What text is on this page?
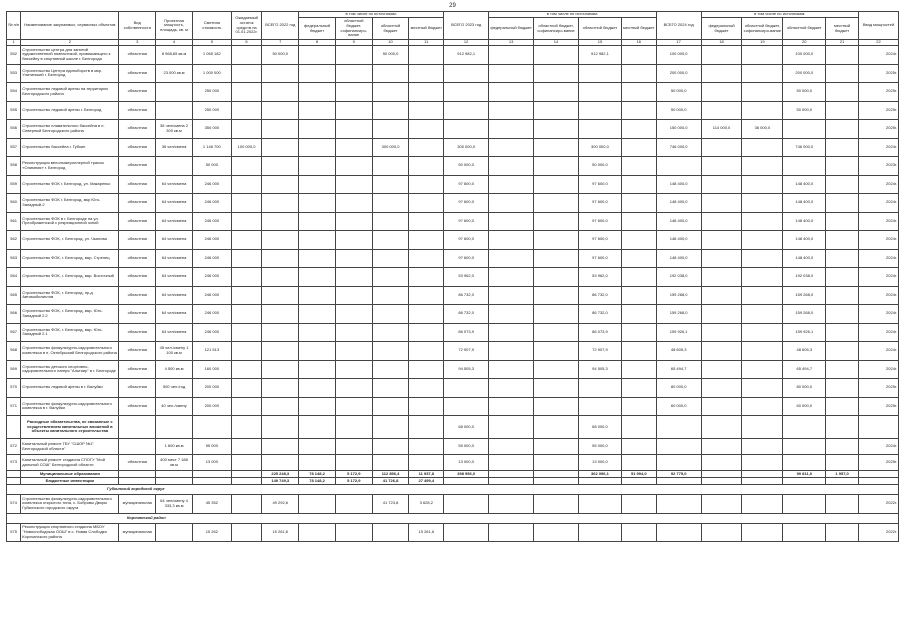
29
№ п/п	Наименование закупаемых, сервисных объектов	Вид собственности	Проектная мощность, площадь, кв. м	Сметная стоимость	Ожидаемый остаток средств на 01.01.2022г.	ВСЕГО 2022 год	в том числе по источникам:				ВСЕГО 2023 год	в том числе по источникам:				ВСЕГО 2024 год	в том числе по источникам:				Ввод мощностей
							федеральный бюджет	областной бюджет, софинансиро-вание	областной бюджет	местный бюджет		федеральный бюджет	областной бюджет, софинансиро-вание	областной бюджет	местный бюджет		федеральный бюджет	областной бюджет, софинансиро-вание	областной бюджет	местный бюджет	
1	2	3	4	5	6	7	8	9	10	11	12	13	14	15	16	17	18	19	20	21	22
552	Строительство центра для занятий художественной гимнастикой, примыкающего к бассейну в спортивной школе г. Белгорода	областная	8 968,65 кв.м	1 065 182		50 000,0			50 000,0		912 982,1			912 982,1		100 000,0			100 000,0		2024г.
553	Строительство Центра единоборств в мкр. Улитинский г. Белгород	областная	23 000 кв.м	1 000 000												200 000,0			200 000,0		2025г.
554	Строительство ледовой арены на территории Белгородского района	областная		250 000												50 000,0			50 000,0		2025г.
555	Строительство ледовой арены г. Белгород	областная		250 000												50 000,0			50 000,0		2025г.
556	Строительство плавательного бассейна в п. Северный Белгородского района	областная	36 чел/смена 2 300 кв.м	350 000												150 000,0	114 000,0	36 000,0			2025г.
557	Строительство бассейна г. Губкин	областная	36 чел/смена	1 146 700	100 000,0				300 000,0		300 000,0			300 000,0		746 000,0			746 000,0		2024г.
558	Реконструкция велолыжероллерной трассы «Олимпия» г. Белгород	областная		50 000							50 000,0			50 000,0							2023г.
559	Строительство ФОК г. Белгород, ул. Макаренко	областная	64 чел/смена	246 000							97 600,0			97 600,0		148 400,0			148 400,0		2024г.
560	Строительство ФОК г. Белгород, мкр Юго-Западный-2	областная	64 чел/смена	246 000							97 600,0			97 600,0		148 400,0			148 400,0		2024г.
561	Строительство ФОК в г. Белгороде на ул. Преображенской с рекреационной зоной	областная	64 чел/смена	246 000							97 600,0			97 600,0		148 400,0			148 400,0		2024г.
562	Строительство ФОК, г. Белгород, ул. Чкалова	областная	64 чел/смена	246 000							97 600,0			97 600,0		148 400,0			148 400,0		2024г.
563	Строительство ФОК, г. Белгород, мкр. Стрелец	областная	64 чел/смена	246 000							97 600,0			97 600,0		148 400,0			148 400,0		2024г.
564	Строительство ФОК, г. Белгород, мкр. Восточный	областная	64 чел/смена	246 000							53 962,0			53 962,0		192 038,0			192 038,0		2024г.
565	Строительство ФОК, г. Белгород, пр-д Автомобилистов	областная	64 чел/смена	246 000							86 732,0			86 732,0		159 268,0			159 268,0		2024г.
566	Строительство ФОК, г. Белгород, мкр. Юго-Западный 2.2	областная	64 чел/смена	246 000							86 732,0			86 732,0		159 268,0			159 268,0		2024г.
567	Строительство ФОК, г. Белгород, мкр. Юго-Западный 2.1	областная	64 чел/смена	246 000							86 073,9			86 073,9		159 926,1			159 926,1		2024г.
568	Строительство физкультурно-оздоровительного комплекса в п. Октябрьский Белгородского района	областная	45 чел./смену 1 100 кв.м	121 513							72 907,9			72 907,9		48 605,3			48 605,3		2024г.
569	Строительство детского спортивно-оздоровительного лагеря "Альтаир" в г. Белгороде	областная	4 500 кв.м	160 000							94 505,3			94 505,3		65 494,7			65 494,7		2024г.
570	Строительство ледовой арены в г. Валуйки	областная	500 чел./год	200 000												80 000,0			80 000,0		2025г.
571	Строительство физкультурно-оздоровительного комплекса в г. Валуйки	областная	40 чел./смену	200 000												60 000,0			60 000,0		2025г.
	Расходные обязательства, не связанные с осуществлением капитальных вложений в объекты капитального строительства										68 000,0			68 000,0							
572	Капитальный ремонт ГБУ "СШОР №1" Белгородской области"		1 600 кв.м	55 000							55 000,0			55 000,0							2024г.
573	Капитальный ремонт стадиона СПОГУ "Мой дальный СОШ" Белгородской области	областная	400 мест 7 188 кв.м	13 000							13 000,0			13 000,0							2025г.
	Муниципальные образования					225 248,3	78 148,2	5 172,9	112 856,4	11 937,8	398 956,0			362 096,1	51 994,0	92 775,0			90 811,0	1 957,0	
	Бюджетные инвестиции					149 749,3	78 148,2	5 172,9	41 726,8	27 499,4											
Губкинский городской округ																					
574	Строительство физкультурно-оздоровительного комплекса открытого типа, с. Бобровы Дворы Губкинского городского округа	муниципальная	64 чел/смену 4 333,3 кв.м	45 352		49 292,6			41 723,8	3 628,2											2022г.
Корочанский район																					
575	Реконструкция спортивного стадиона МБОУ "Новослободская ООШ" в с. Новая Слободка Корочанского района	муниципальная		15 262		15 261,6				15 261,6											2022г.
